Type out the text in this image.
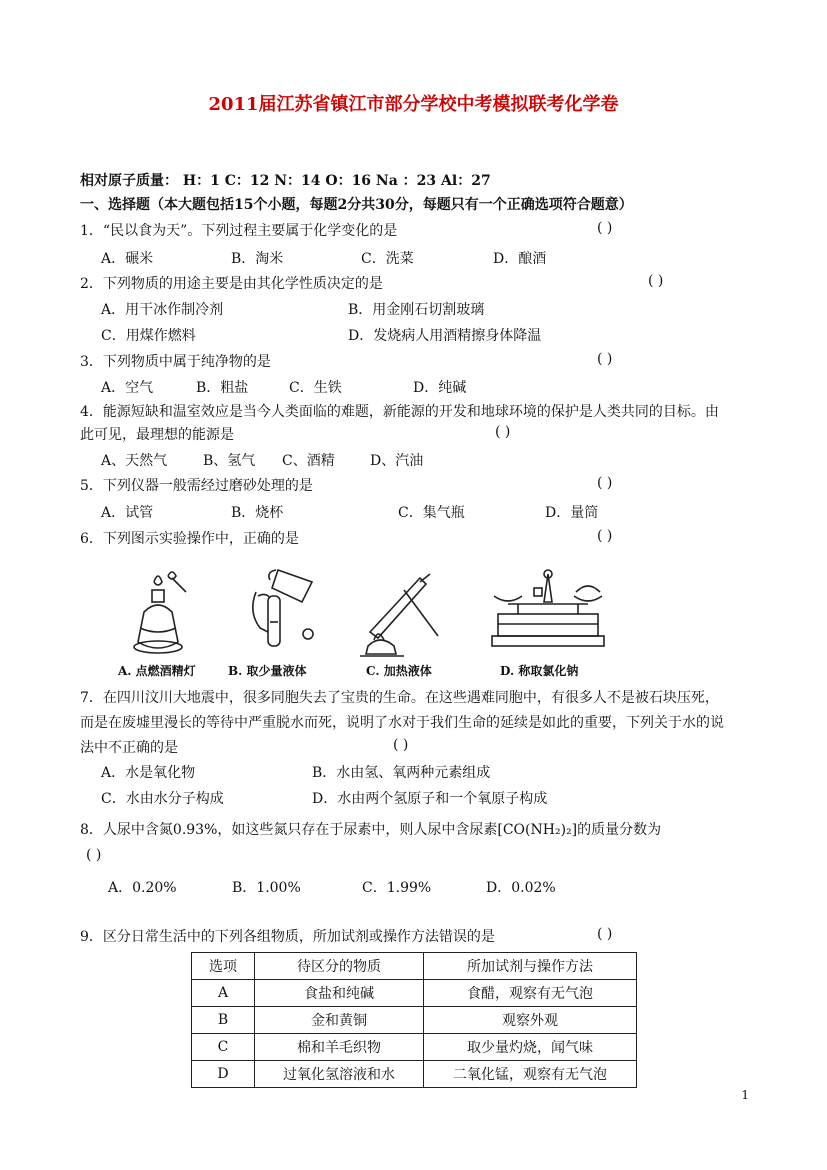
2011届江苏省镇江市部分学校中考模拟联考化学卷
相对原子质量： H：1 C：12 N：14 O：16 Na ：23 Al：27
一、选择题（本大题包括15个小题，每题2分共30分，每题只有一个正确选项符合题意）
1．“民以食为天”。下列过程主要属于化学变化的是	( )
A．碾米	B．淘米	C．洗菜	D．酿酒
2．下列物质的用途主要是由其化学性质决定的是	( )
A．用干冰作制冷剂	B．用金刚石切割玻璃
C．用煤作燃料	D．发烧病人用酒精擦身体降温
3．下列物质中属于纯净物的是	( )
A．空气	B．粗盐	C．生铁	D．纯碱
4．能源短缺和温室效应是当今人类面临的难题，新能源的开发和地球环境的保护是人类共同的目标。由
此可见，最理想的能源是	( )
A、天然气	B、氢气 C、酒精	D、汽油
5．下列仪器一般需经过磨砂处理的是	( )
A．试管	B．烧杯	C．集气瓶	D．量筒
6．下列图示实验操作中，正确的是	( )
A. 点燃酒精灯	B. 取少量液体	C. 加热液体	D. 称取氯化钠
7．在四川汶川大地震中，很多同胞失去了宝贵的生命。在这些遇难同胞中，有很多人不是被石块压死，
而是在废墟里漫长的等待中严重脱水而死，说明了水对于我们生命的延续是如此的重要，下列关于水的说
法中不正确的是	( )
A．水是氧化物	B．水由氢、氧两种元素组成
C．水由水分子构成	D．水由两个氢原子和一个氧原子构成
8．人尿中含氮0.93%，如这些氮只存在于尿素中，则人尿中含尿素[CO(NH₂)₂]的质量分数为
( )
A．0.20%	B．1.00%	C．1.99%	D．0.02%
9．区分日常生活中的下列各组物质，所加试剂或操作方法错误的是	( )
选项	待区分的物质	所加试剂与操作方法
A	食盐和纯碱	食醋，观察有无气泡
B	金和黄铜	观察外观
C	棉和羊毛织物	取少量灼烧，闻气味
D	过氧化氢溶液和水	二氧化锰，观察有无气泡
1
